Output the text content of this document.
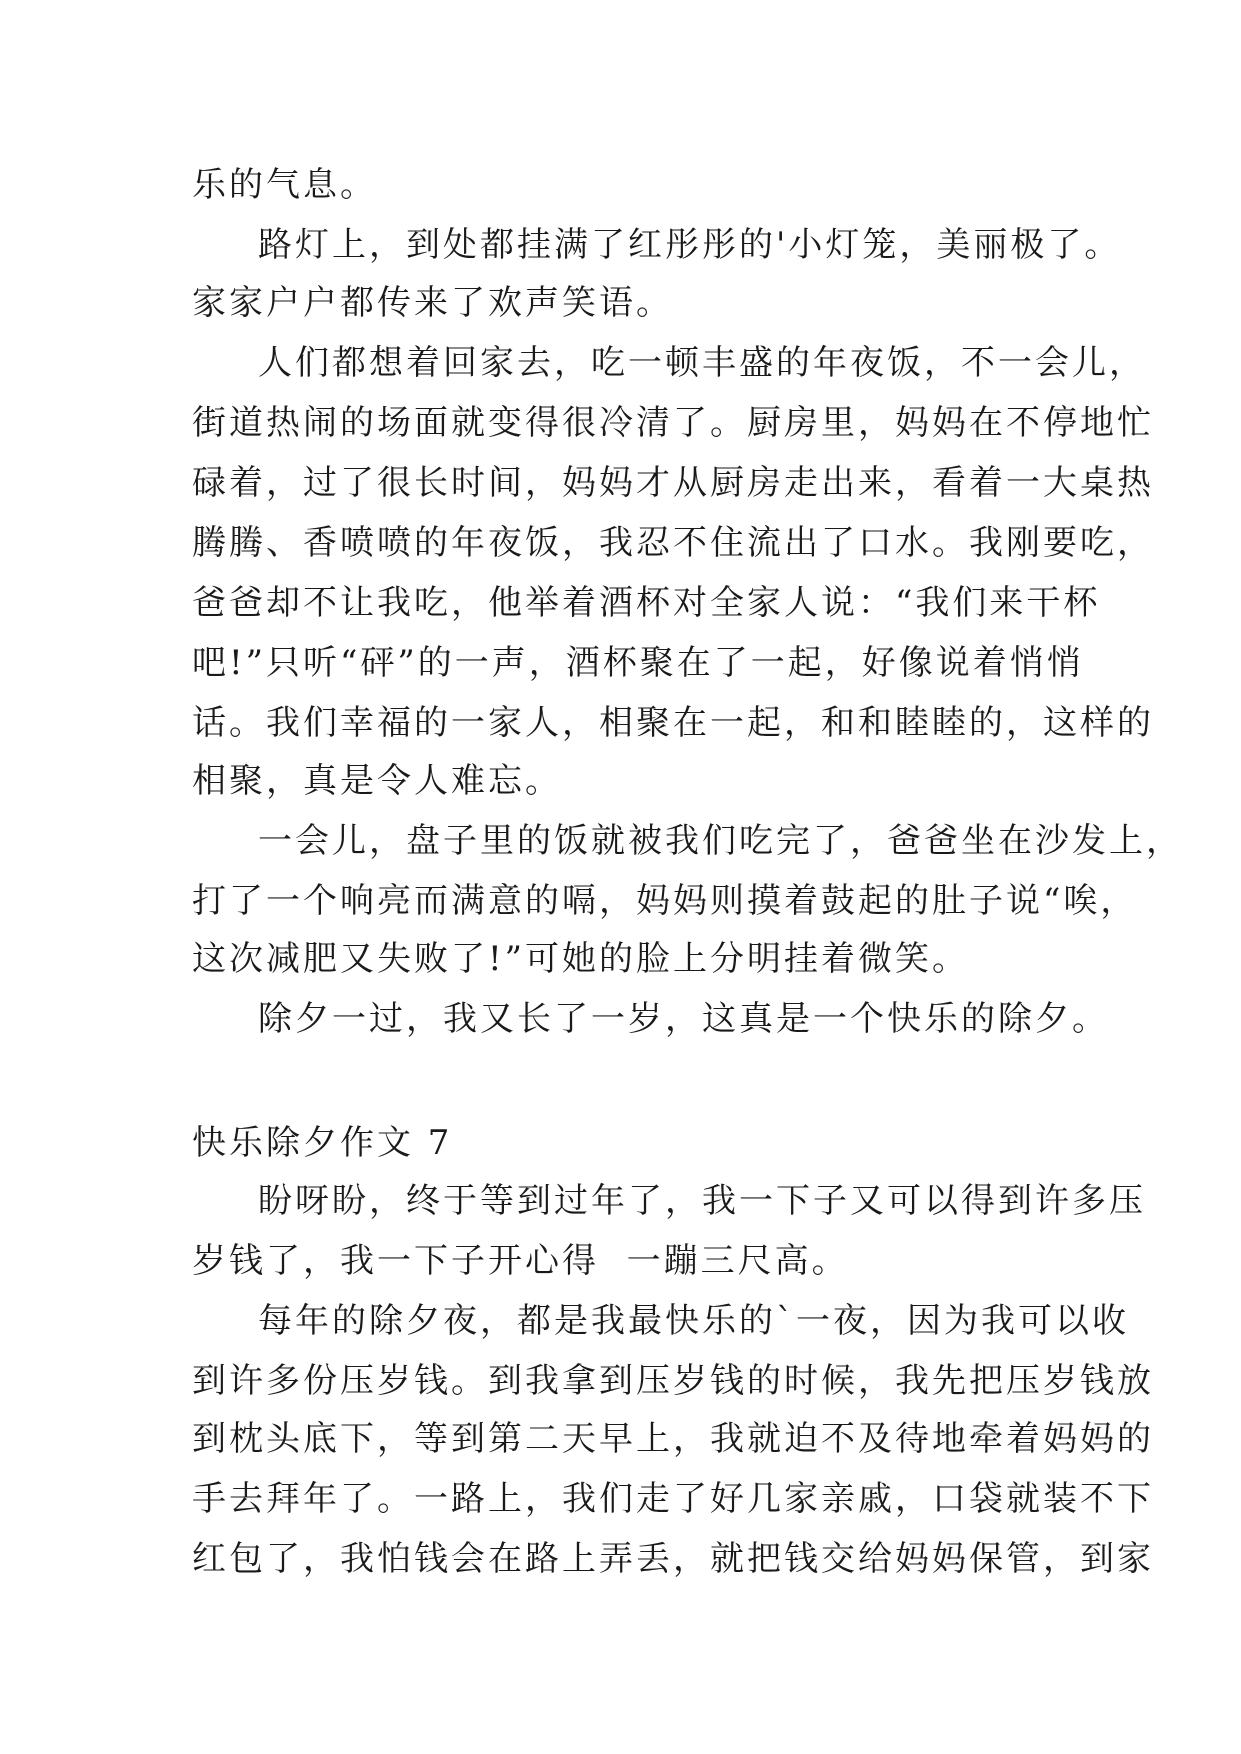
乐的气息。
路灯上，到处都挂满了红彤彤的'小灯笼，美丽极了。
家家户户都传来了欢声笑语。
人们都想着回家去，吃一顿丰盛的年夜饭，不一会儿，
街道热闹的场面就变得很冷清了。厨房里，妈妈在不停地忙
碌着，过了很长时间，妈妈才从厨房走出来，看着一大桌热
腾腾、香喷喷的年夜饭，我忍不住流出了口水。我刚要吃，
爸爸却不让我吃，他举着酒杯对全家人说：“我们来干杯
吧!”只听“砰”的一声，酒杯聚在了一起，好像说着悄悄
话。我们幸福的一家人，相聚在一起，和和睦睦的，这样的
相聚，真是令人难忘。
一会儿，盘子里的饭就被我们吃完了，爸爸坐在沙发上，
打了一个响亮而满意的嗝，妈妈则摸着鼓起的肚子说“唉，
这次减肥又失败了!”可她的脸上分明挂着微笑。
除夕一过，我又长了一岁，这真是一个快乐的除夕。
快乐除夕作文 7
盼呀盼，终于等到过年了，我一下子又可以得到许多压
岁钱了，我一下子开心得  一蹦三尺高。
每年的除夕夜，都是我最快乐的`一夜，因为我可以收
到许多份压岁钱。到我拿到压岁钱的时候，我先把压岁钱放
到枕头底下，等到第二天早上，我就迫不及待地牵着妈妈的
手去拜年了。一路上，我们走了好几家亲戚，口袋就装不下
红包了，我怕钱会在路上弄丢，就把钱交给妈妈保管，到家
